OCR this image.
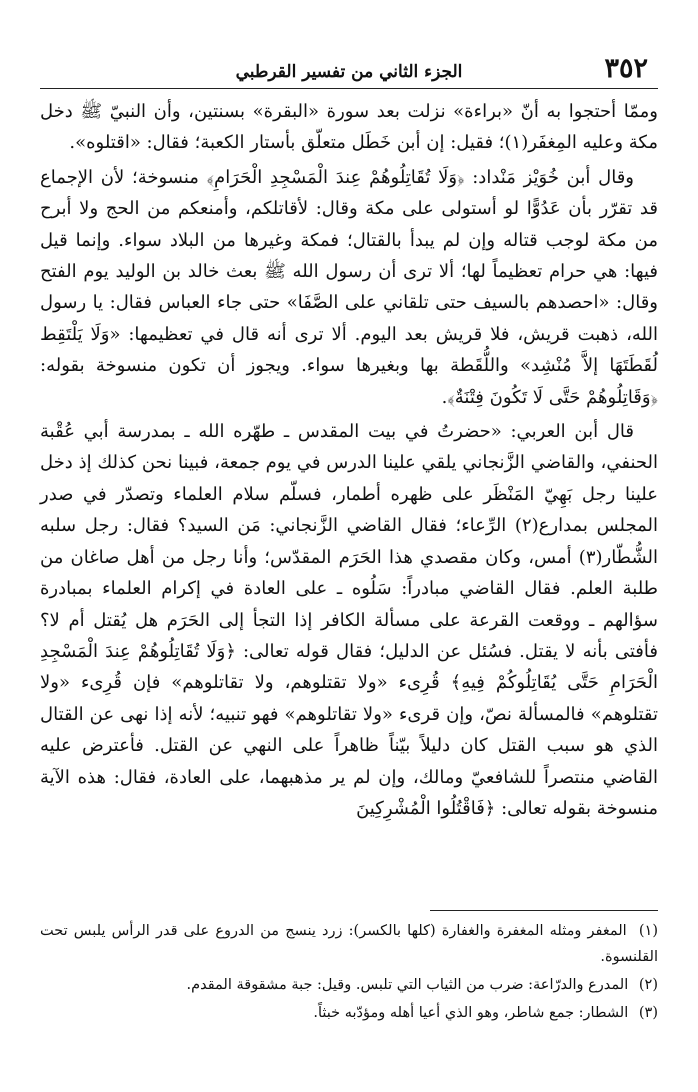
٣٥٢
الجزء الثاني من تفسير القرطبي

وممّا أحتجوا به أنّ «براءة» نزلت بعد سورة «البقرة» بسنتين، وأن النبيّ ﷺ دخل مكة وعليه المِغفَر(١)؛ فقيل: إن أبن خَطَل متعلّق بأستار الكعبة؛ فقال: «اقتلوه».

وقال أبن خُوَيْز مَنْداد: ﴿وَلَا تُقَاتِلُوهُمْ عِندَ الْمَسْجِدِ الْحَرَامِ﴾ منسوخة؛ لأن الإجماع قد تقرّر بأن عَدُوًّا لو أستولى على مكة وقال: لأقاتلكم، وأمنعكم من الحج ولا أبرح من مكة لوجب قتاله وإن لم يبدأ بالقتال؛ فمكة وغيرها من البلاد سواء. وإنما قيل فيها: هي حرام تعظيماً لها؛ ألا ترى أن رسول الله ﷺ بعث خالد بن الوليد يوم الفتح وقال: «احصدهم بالسيف حتى تلقاني على الصَّفَا» حتى جاء العباس فقال: يا رسول الله، ذهبت قريش، فلا قريش بعد اليوم. ألا ترى أنه قال في تعظيمها: «وَلَا يَلْتَقِط لُقَطَتَهَا إلاَّ مُنْشِد» واللُّقَطة بها وبغيرها سواء. ويجوز أن تكون منسوخة بقوله: ﴿وَقَاتِلُوهُمْ حَتَّى لَا تَكُونَ فِتْنَةٌ﴾.

قال أبن العربي: «حضرتُ في بيت المقدس ـ طهّره الله ـ بمدرسة أبي عُقْبة الحنفي، والقاضي الزَّنجاني يلقي علينا الدرس في يوم جمعة، فبينا نحن كذلك إذ دخل علينا رجل بَهِيّ المَنْظَر على ظهره أطمار، فسلّم سلام العلماء وتصدّر في صدر المجلس بمدارع(٢) الرِّعاء؛ فقال القاضي الزَّنجاني: مَن السيد؟ فقال: رجل سلبه الشُّطّار(٣) أمس، وكان مقصدي هذا الحَرَم المقدّس؛ وأنا رجل من أهل صاغان من طلبة العلم. فقال القاضي مبادراً: سَلُوه ـ على العادة في إكرام العلماء بمبادرة سؤالهم ـ ووقعت القرعة على مسألة الكافر إذا التجأ إلى الحَرَم هل يُقتل أم لا؟ فأفتى بأنه لا يقتل. فسُئل عن الدليل؛ فقال قوله تعالى: ﴿وَلَا تُقَاتِلُوهُمْ عِندَ الْمَسْجِدِ الْحَرَامِ حَتَّى يُقَاتِلُوكُمْ فِيهِ﴾ قُرِىء «ولا تقتلوهم، ولا تقاتلوهم» فإن قُرِىء «ولا تقتلوهم» فالمسألة نصّ، وإن قرىء «ولا تقاتلوهم» فهو تنبيه؛ لأنه إذا نهى عن القتال الذي هو سبب القتل كان دليلاً بيّناً ظاهراً على النهي عن القتل. فأعترض عليه القاضي منتصراً للشافعيّ ومالك، وإن لم ير مذهبهما، على العادة، فقال: هذه الآية منسوخة بقوله تعالى: ﴿فَاقْتُلُوا الْمُشْرِكِينَ

(١) المغفر ومثله المغفرة والغفارة (كلها بالكسر): زرد ينسج من الدروع على قدر الرأس يلبس تحت القلنسوة.

(٢) المدرع والدرّاعة: ضرب من الثياب التي تلبس. وقيل: جبة مشقوقة المقدم.

(٣) الشطار: جمع شاطر، وهو الذي أعيا أهله ومؤدّبه خبثاً.
